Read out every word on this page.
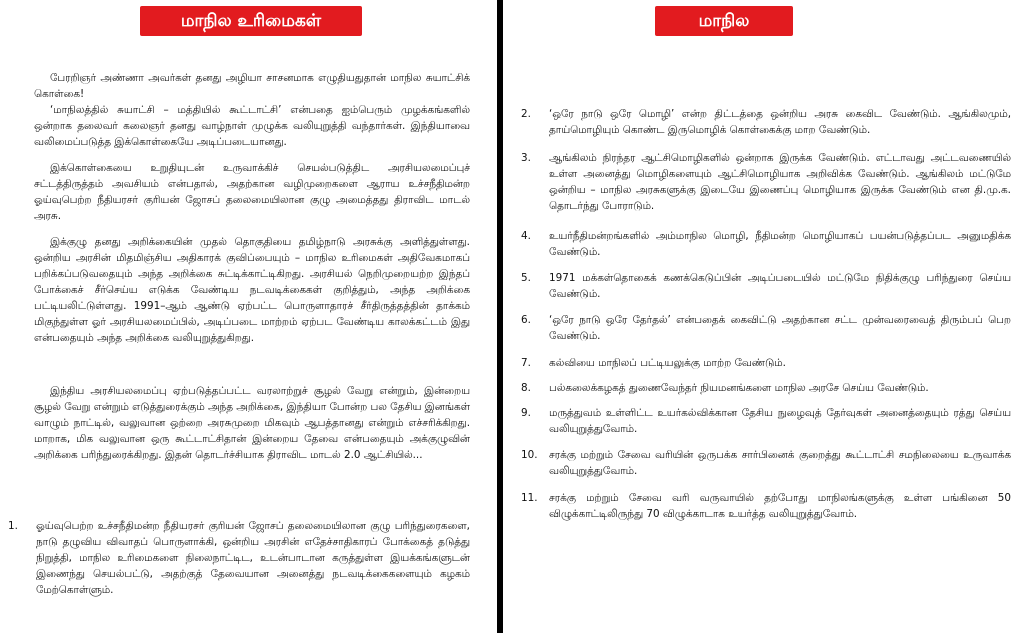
மாநில உரிமைகள்

பேரறிஞர் அண்ணா அவர்கள் தனது அழியா சாசனமாக எழுதியதுதான் மாநில சுயாட்சிக் கொள்கை!

‘மாநிலத்தில் சுயாட்சி – மத்தியில் கூட்டாட்சி’ என்பதை ஐம்பெரும் முழக்கங்களில் ஒன்றாக தலைவர் கலைஞர் தனது வாழ்நாள் முழுக்க வலியுறுத்தி வந்தார்கள். இந்தியாவை வலிமைப்படுத்த இக்கொள்கையே அடிப்படையானது.

இக்கொள்கையை உறுதியுடன் உருவாக்கிச் செயல்படுத்திட அரசியலமைப்புச் சட்டத்திருத்தம் அவசியம் என்பதால், அதற்கான வழிமுறைகளை ஆராய உச்சநீதிமன்ற ஓய்வுபெற்ற நீதியரசர் குரியன் ஜோசப் தலைமையிலான குழு அமைத்தது திராவிட மாடல் அரசு.

இக்குழு தனது அறிக்கையின் முதல் தொகுதியை தமிழ்நாடு அரசுக்கு அளித்துள்ளது. ஒன்றிய அரசின் மிதமிஞ்சிய அதிகாரக் குவிப்பையும் – மாநில உரிமைகள் அதிவேகமாகப் பறிக்கப்படுவதையும் அந்த அறிக்கை சுட்டிக்காட்டிகிறது. அரசியல் நெறிமுறையற்ற இந்தப் போக்கைச் சீர்செய்ய எடுக்க வேண்டிய நடவடிக்கைகள் குறித்தும், அந்த அறிக்கை பட்டியலிட்டுள்ளது. 1991–ஆம் ஆண்டு ஏற்பட்ட பொருளாதாரச் சீர்திருத்தத்தின் தாக்கம் மிகுந்துள்ள ஓர் அரசியலமைப்பில், அடிப்படை மாற்றம் ஏற்பட வேண்டிய காலக்கட்டம் இது என்பதையும் அந்த அறிக்கை வலியுறுத்துகிறது.

இந்திய அரசியலமைப்பு ஏற்படுத்தப்பட்ட வரலாற்றுச் சூழல் வேறு என்றும், இன்றைய சூழல் வேறு என்றும் எடுத்துரைக்கும் அந்த அறிக்கை, இந்தியா போன்ற பல தேசிய இனங்கள் வாழும் நாட்டில், வலுவான ஒற்றை அரசுமுறை மிகவும் ஆபத்தானது என்றும் எச்சரிக்கிறது. மாறாக, மிக வலுவான ஒரு கூட்டாட்சிதான் இன்றைய தேவை என்பதையும் அக்குழுவின் அறிக்கை பரிந்துரைக்கிறது. இதன் தொடர்ச்சியாக திராவிட மாடல் 2.0 ஆட்சியில்...

1.	ஓய்வுபெற்ற உச்சநீதிமன்ற நீதியரசர் குரியன் ஜோசப் தலைமையிலான குழு பரிந்துரைகளை, நாடு தழுவிய விவாதப் பொருளாக்கி, ஒன்றிய அரசின் எதேச்சாதிகாரப் போக்கைத் தடுத்து நிறுத்தி, மாநில உரிமைகளை நிலைநாட்டிட, உடன்பாடான கருத்துள்ள இயக்கங்களுடன் இணைந்து செயல்பட்டு, அதற்குத் தேவையான அனைத்து நடவடிக்கைகளையும் கழகம் மேற்கொள்ளும்.
மாநில உரிமைகள்
2.	‘ஒரே நாடு ஒரே மொழி’ என்ற திட்டத்தை ஒன்றிய அரசு கைவிட வேண்டும். ஆங்கிலமும், தாய்மொழியும் கொண்ட இருமொழிக் கொள்கைக்கு மாற வேண்டும்.
3.	ஆங்கிலம் நிரந்தர ஆட்சிமொழிகளில் ஒன்றாக இருக்க வேண்டும். எட்டாவது அட்டவணையில் உள்ள அனைத்து மொழிகளையும் ஆட்சிமொழியாக அறிவிக்க வேண்டும். ஆங்கிலம் மட்டுமே ஒன்றிய – மாநில அரசுகளுக்கு இடையே இணைப்பு மொழியாக இருக்க வேண்டும் என தி.மு.க. தொடர்ந்து போராடும்.
4.	உயர்நீதிமன்றங்களில் அம்மாநில மொழி, நீதிமன்ற மொழியாகப் பயன்படுத்தப்பட அனுமதிக்க வேண்டும்.
5.	1971 மக்கள்தொகைக் கணக்கெடுப்பின் அடிப்படையில் மட்டுமே நிதிக்குழு பரிந்துரை செய்ய வேண்டும்.
6.	‘ஒரே நாடு ஒரே தேர்தல்’ என்பதைக் கைவிட்டு அதற்கான சட்ட முன்வரைவைத் திரும்பப் பெற வேண்டும்.
7.	கல்வியை மாநிலப் பட்டியலுக்கு மாற்ற வேண்டும்.
8.	பல்கலைக்கழகத் துணைவேந்தர் நியமனங்களை மாநில அரசே செய்ய வேண்டும்.
9.	மருத்துவம் உள்ளிட்ட உயர்கல்விக்கான தேசிய நுழைவுத் தேர்வுகள் அனைத்தையும் ரத்து செய்ய வலியுறுத்துவோம்.
10.	சரக்கு மற்றும் சேவை வரியின் ஒருபக்க சார்பினைக் குறைத்து கூட்டாட்சி சமநிலையை உருவாக்க வலியுறுத்துவோம்.
11.	சரக்கு மற்றும் சேவை வரி வருவாயில் தற்போது மாநிலங்களுக்கு உள்ள பங்கினை 50 விழுக்காட்டிலிருந்து 70 விழுக்காடாக உயர்த்த வலியுறுத்துவோம்.
